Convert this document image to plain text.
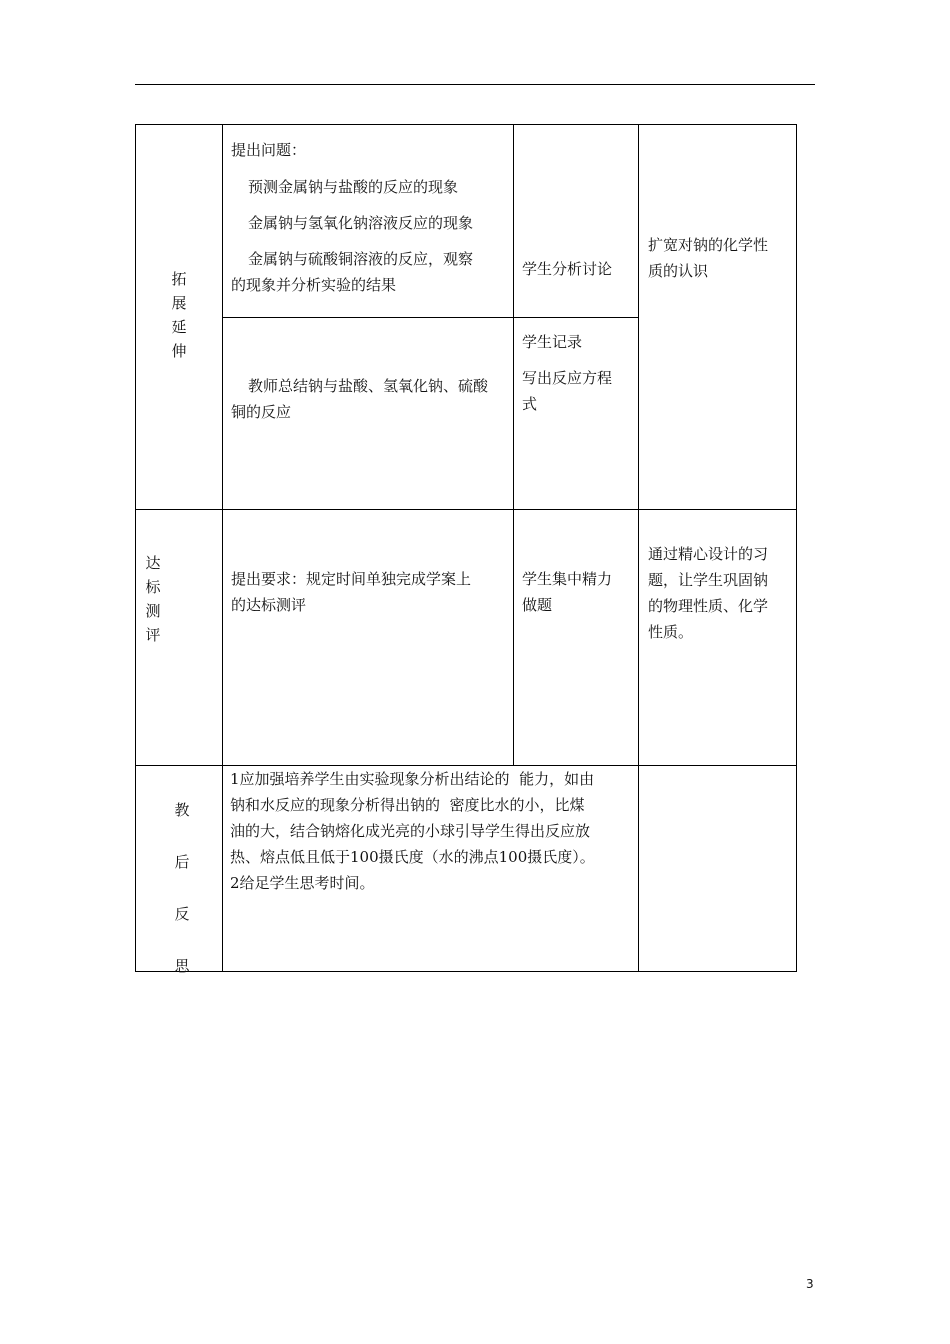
拓展延伸
提出问题：
预测金属钠与盐酸的反应的现象
金属钠与氢氧化钠溶液反应的现象
金属钠与硫酸铜溶液的反应，观察
的现象并分析实验的结果
学生分析讨论
教师总结钠与盐酸、氢氧化钠、硫酸
铜的反应
学生记录
写出反应方程
式
扩宽对钠的化学性
质的认识
达标测评
提出要求：规定时间单独完成学案上
的达标测评
学生集中精力
做题
通过精心设计的习
题，让学生巩固钠
的物理性质、化学
性质。
教后反思
1应加强培养学生由实验现象分析出结论的  能力，如由
钠和水反应的现象分析得出钠的  密度比水的小，比煤
油的大，结合钠熔化成光亮的小球引导学生得出反应放
热、熔点低且低于100摄氏度（水的沸点100摄氏度）。
2给足学生思考时间。
3
